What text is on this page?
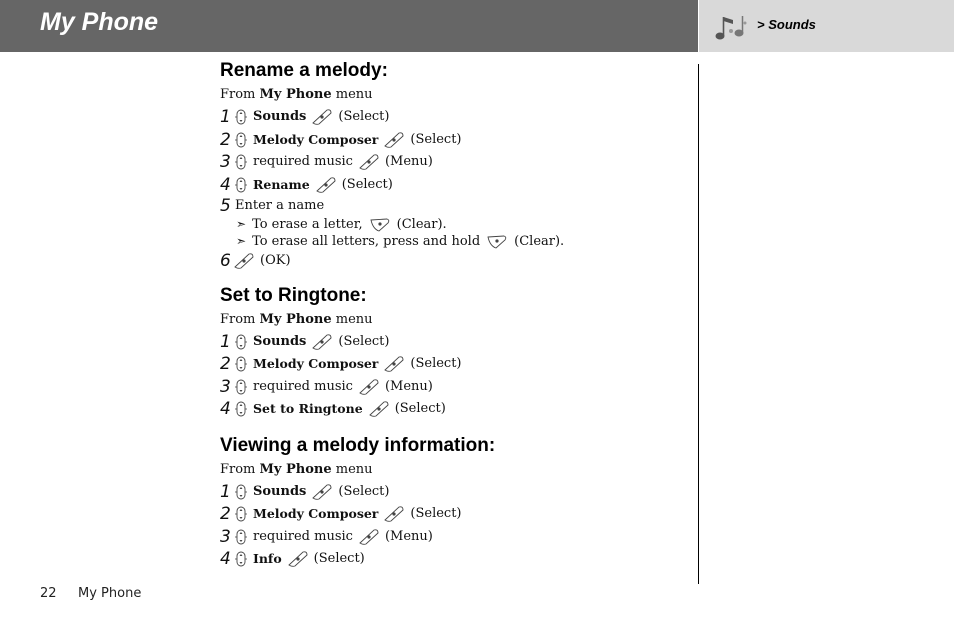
My Phone	> Sounds
Rename a melody:
From My Phone menu
1 Sounds (Select)
2 Melody Composer (Select)
3 required music (Menu)
4 Rename (Select)
5 Enter a name
➣ To erase a letter,	(Clear).
➣ To erase all letters, press and hold	(Clear).
6 (OK)
Set to Ringtone:
From My Phone menu
1 Sounds (Select)
2 Melody Composer (Select)
3 required music (Menu)
4 Set to Ringtone (Select)
Viewing a melody information:
From My Phone menu
1 Sounds (Select)
2 Melody Composer (Select)
3 required music (Menu)
4 Info (Select)
22 My Phone
